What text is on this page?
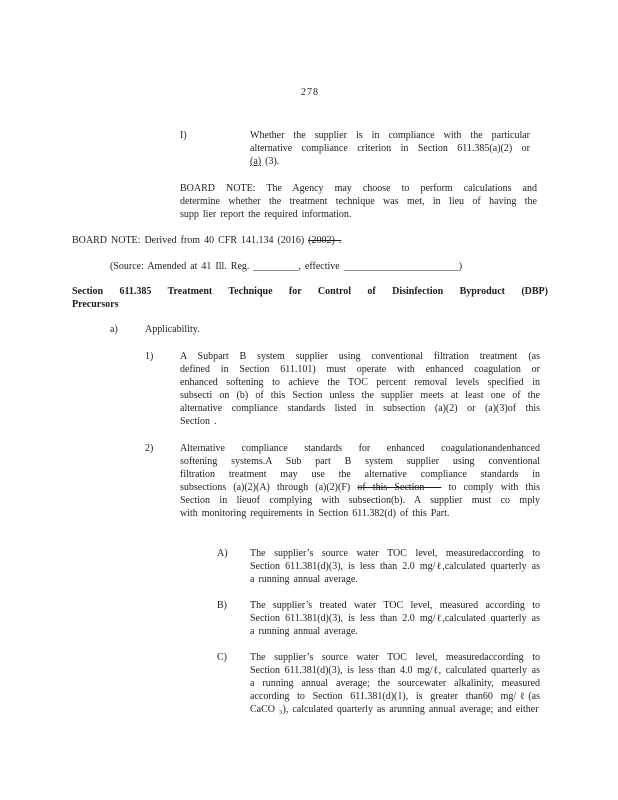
278
I)	Whether the supplier is in compliance with the particular
alternative compliance criterion in Section 611.385(a)(2) or
(a) (3).
BOARD NOTE: The Agency may choose to perform calculations and
determine whether the treatment technique was met, in lieu of having the
supp lier report the required information.
BOARD NOTE: Derived from 40 CFR 141.134 (2016) (2002) .
(Source: Amended at 41 Ill. Reg. _________, effective _______________________)
Section 611.385 Treatment Technique for Control of Disinfection Byproduct (DBP)
Precursors
a)	Applicability.
1)	A Subpart B system supplier using conventional filtration treatment (as
defined in Section 611.101) must operate with enhanced coagulation or
enhanced softening to achieve the TOC percent removal levels specified in
subsecti on (b) of this Section unless the supplier meets at least one of the
alternative compliance standards listed in subsection (a)(2) or (a)(3)of this
Section .
2)	Alternative compliance standards for enhanced coagulationandenhanced
softening systems.A Sub part B system supplier using conventional
filtration treatment may use the alternative compliance standards in
subsections (a)(2)(A) through (a)(2)(F) of this Section — to comply with this
Section in lieuof complying with subsection(b). A supplier must co mply
with monitoring requirements in Section 611.382(d) of this Part.
A)	The supplier’s source water TOC level, measuredaccording to
Section 611.381(d)(3), is less than 2.0 mg/ℓ,calculated quarterly as
a running annual average.
B)	The supplier’s treated water TOC level, measured according to
Section 611.381(d)(3), is less than 2.0 mg/ℓ,calculated quarterly as
a running annual average.
C)	The supplier’s source water TOC level, measuredaccording to
Section 611.381(d)(3), is less than 4.0 mg/ℓ, calculated quarterly as
a running annual average; the sourcewater alkalinity, measured
according to Section 611.381(d)(1), is greater than60 mg/ℓ(as
CaCO ₃), calculated quarterly as arunning annual average; and either
